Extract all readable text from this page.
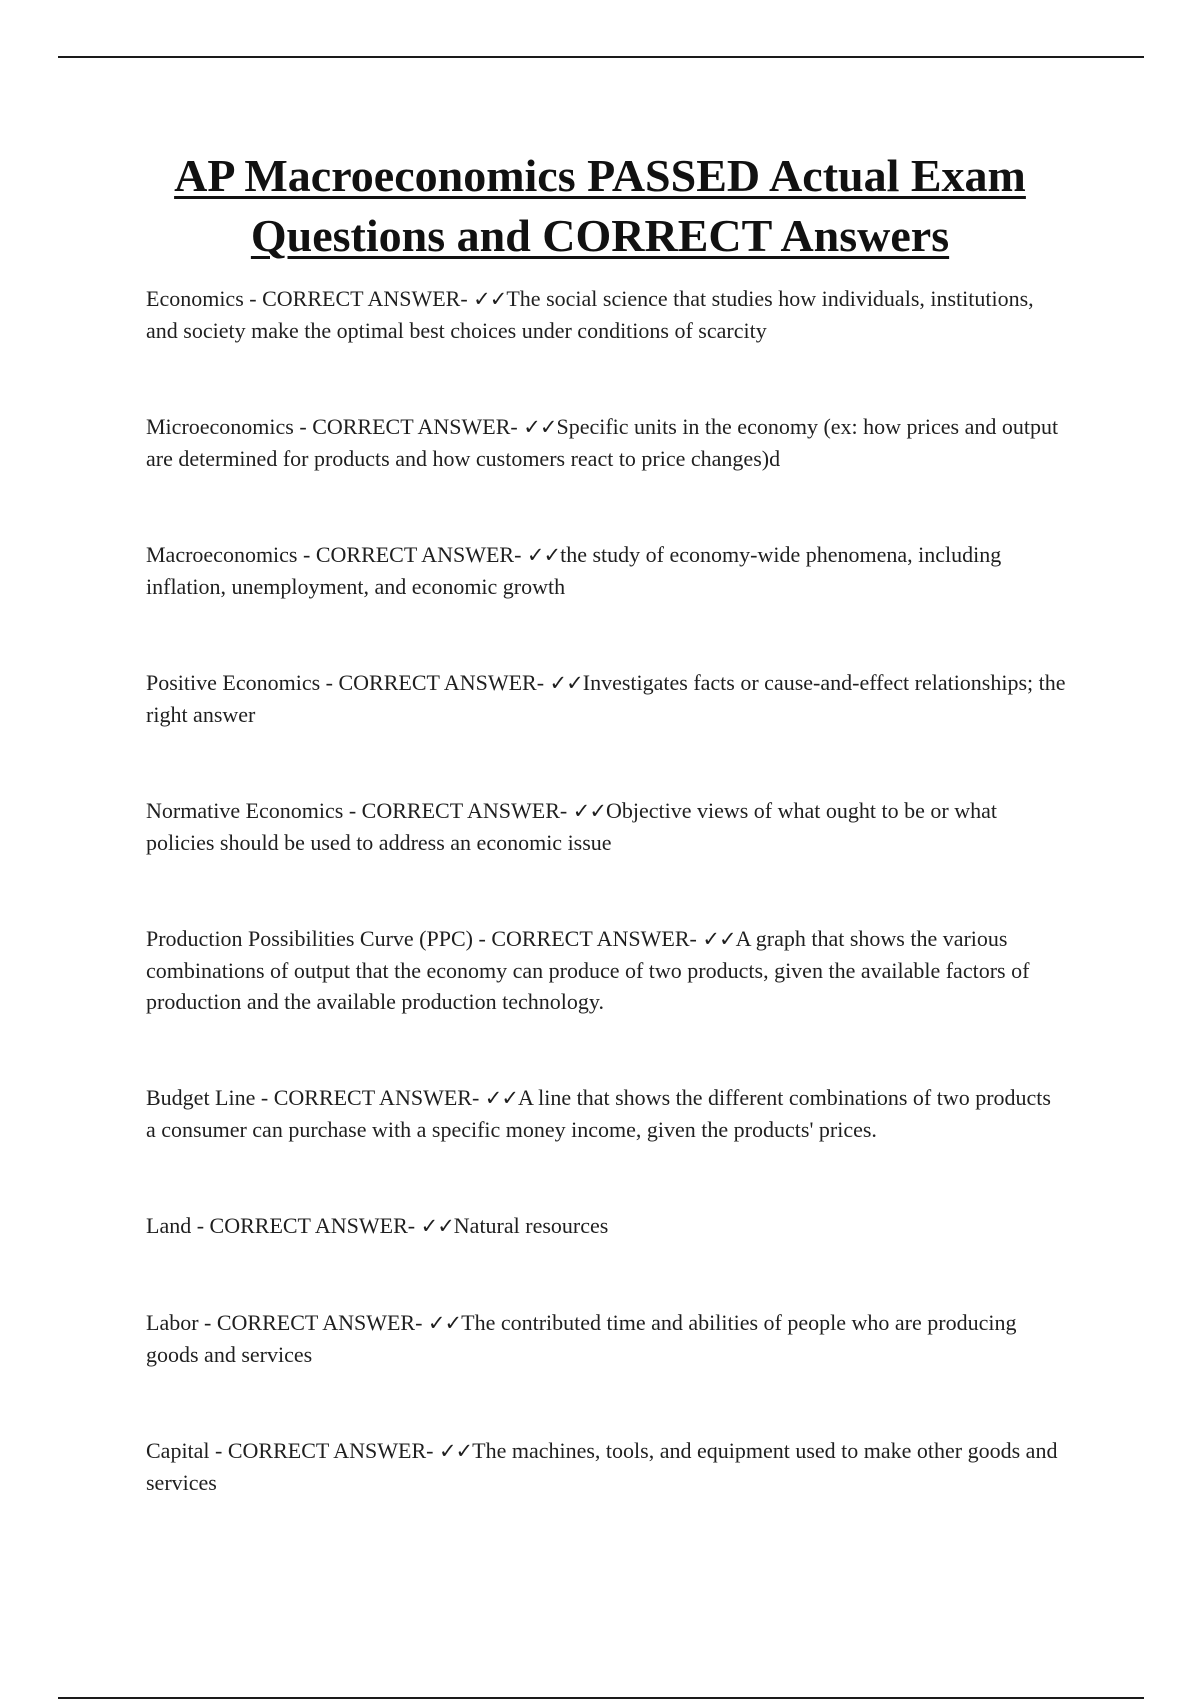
AP Macroeconomics PASSED Actual Exam Questions and CORRECT Answers
Economics - CORRECT ANSWER- ✓✓The social science that studies how individuals, institutions, and society make the optimal best choices under conditions of scarcity
Microeconomics - CORRECT ANSWER- ✓✓Specific units in the economy (ex: how prices and output are determined for products and how customers react to price changes)d
Macroeconomics - CORRECT ANSWER- ✓✓the study of economy-wide phenomena, including inflation, unemployment, and economic growth
Positive Economics - CORRECT ANSWER- ✓✓Investigates facts or cause-and-effect relationships; the right answer
Normative Economics - CORRECT ANSWER- ✓✓Objective views of what ought to be or what policies should be used to address an economic issue
Production Possibilities Curve (PPC) - CORRECT ANSWER- ✓✓A graph that shows the various combinations of output that the economy can produce of two products, given the available factors of production and the available production technology.
Budget Line - CORRECT ANSWER- ✓✓A line that shows the different combinations of two products a consumer can purchase with a specific money income, given the products' prices.
Land - CORRECT ANSWER- ✓✓Natural resources
Labor - CORRECT ANSWER- ✓✓The contributed time and abilities of people who are producing goods and services
Capital - CORRECT ANSWER- ✓✓The machines, tools, and equipment used to make other goods and services
